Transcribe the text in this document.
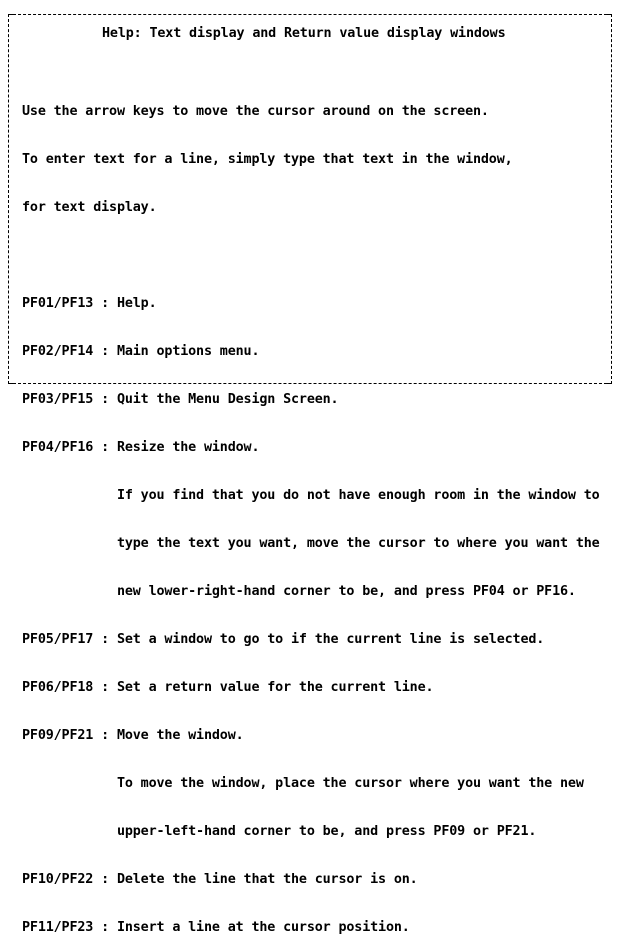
Help: Text display and Return value display windows

Use the arrow keys to move the cursor around on the screen.

To enter text for a line, simply type that text in the window,

for text display.

PF01/PF13 : Help.

PF02/PF14 : Main options menu.

PF03/PF15 : Quit the Menu Design Screen.

PF04/PF16 : Resize the window.

If you find that you do not have enough room in the window to

type the text you want, move the cursor to where you want the

new lower-right-hand corner to be, and press PF04 or PF16.

PF05/PF17 : Set a window to go to if the current line is selected.

PF06/PF18 : Set a return value for the current line.

PF09/PF21 : Move the window.

To move the window, place the cursor where you want the new

upper-left-hand corner to be, and press PF09 or PF21.

PF10/PF22 : Delete the line that the cursor is on.

PF11/PF23 : Insert a line at the cursor position.
